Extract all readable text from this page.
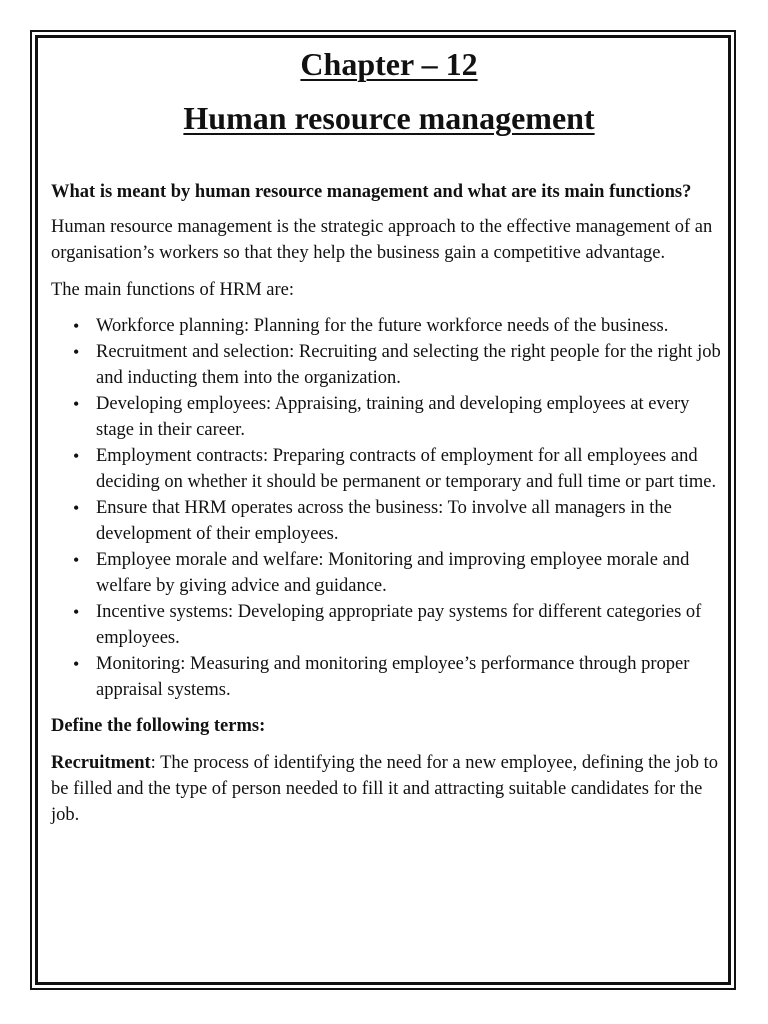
Chapter – 12
Human resource management

What is meant by human resource management and what are its main functions?

Human resource management is the strategic approach to the effective management of an organisation’s workers so that they help the business gain a competitive advantage.

The main functions of HRM are:

• Workforce planning: Planning for the future workforce needs of the business.
• Recruitment and selection: Recruiting and selecting the right people for the right job and inducting them into the organization.
• Developing employees: Appraising, training and developing employees at every stage in their career.
• Employment contracts: Preparing contracts of employment for all employees and deciding on whether it should be permanent or temporary and full time or part time.
• Ensure that HRM operates across the business: To involve all managers in the development of their employees.
• Employee morale and welfare: Monitoring and improving employee morale and welfare by giving advice and guidance.
• Incentive systems: Developing appropriate pay systems for different categories of employees.
• Monitoring: Measuring and monitoring employee’s performance through proper appraisal systems.

Define the following terms:

Recruitment: The process of identifying the need for a new employee, defining the job to be filled and the type of person needed to fill it and attracting suitable candidates for the job.
